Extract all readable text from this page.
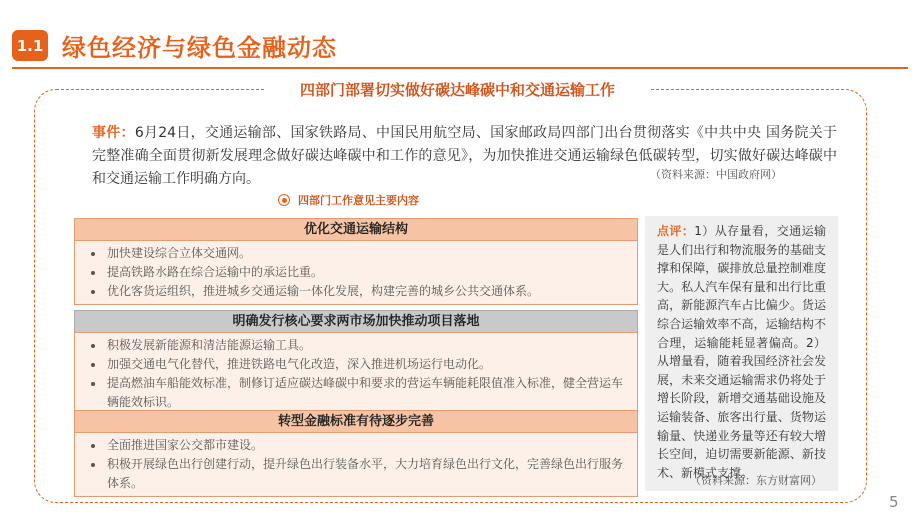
1.1 绿色经济与绿色金融动态
四部门部署切实做好碳达峰碳中和交通运输工作
事件：6月24日，交通运输部、国家铁路局、中国民用航空局、国家邮政局四部门出台贯彻落实《中共中央 国务院关于完整准确全面贯彻新发展理念做好碳达峰碳中和工作的意见》，为加快推进交通运输绿色低碳转型，切实做好碳达峰碳中和交通运输工作明确方向。	（资料来源：中国政府网）
四部门工作意见主要内容
优化交通运输结构
• 加快建设综合立体交通网。
• 提高铁路水路在综合运输中的承运比重。
• 优化客货运组织，推进城乡交通运输一体化发展，构建完善的城乡公共交通体系。
明确发行核心要求两市场加快推动项目落地
• 积极发展新能源和清洁能源运输工具。
• 加强交通电气化替代，推进铁路电气化改造，深入推进机场运行电动化。
• 提高燃油车船能效标准，制修订适应碳达峰碳中和要求的营运车辆能耗限值准入标准，健全营运车辆能效标识。
转型金融标准有待逐步完善
• 全面推进国家公交都市建设。
• 积极开展绿色出行创建行动，提升绿色出行装备水平，大力培育绿色出行文化，完善绿色出行服务体系。
点评：1）从存量看，交通运输是人们出行和物流服务的基础支撑和保障，碳排放总量控制难度大。私人汽车保有量和出行比重高，新能源汽车占比偏少。货运综合运输效率不高，运输结构不合理，运输能耗显著偏高。2）从增量看，随着我国经济社会发展，未来交通运输需求仍将处于增长阶段，新增交通基础设施及运输装备、旅客出行量、货物运输量、快递业务量等还有较大增长空间，迫切需要新能源、新技术、新模式支撑。
（资料来源：东方财富网）
5
